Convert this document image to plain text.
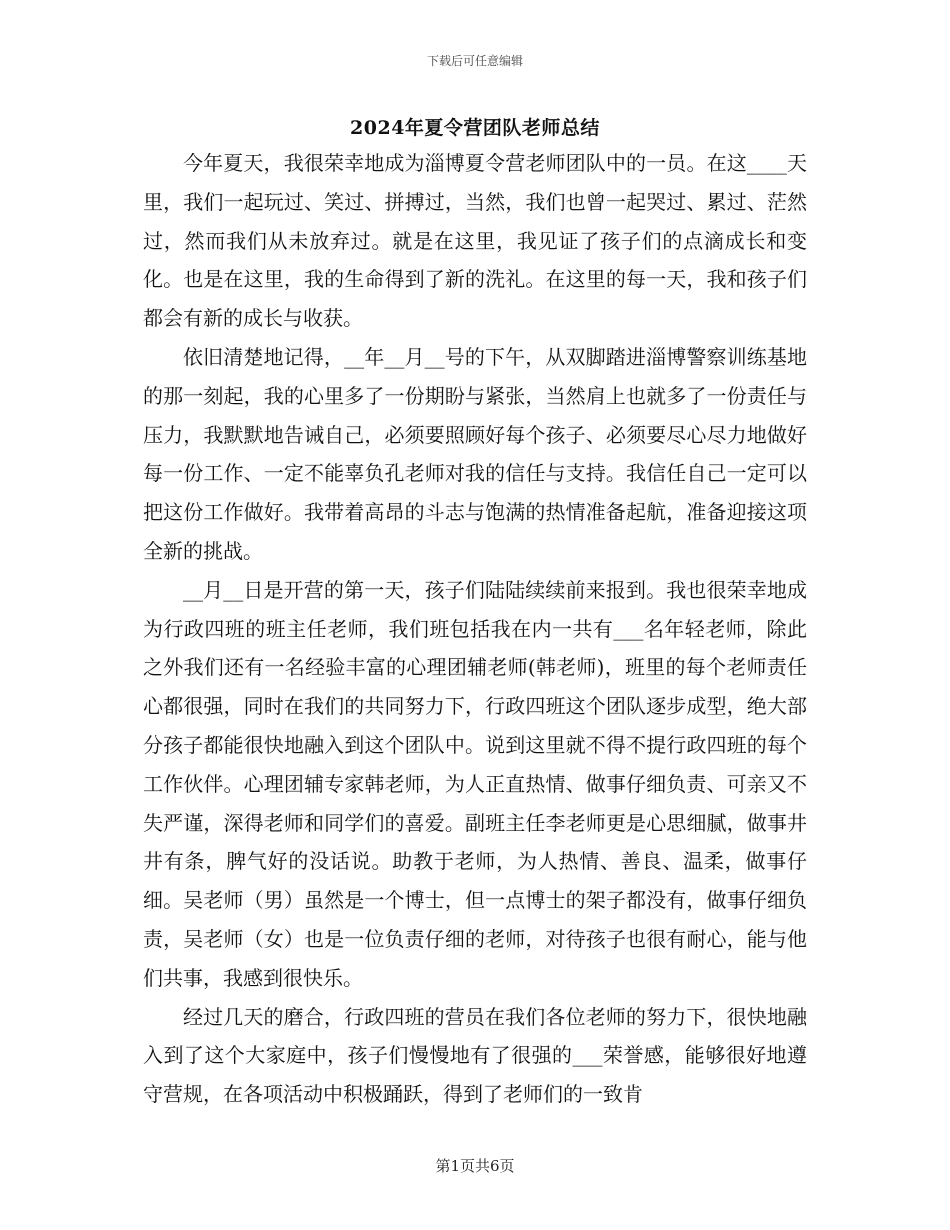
下载后可任意编辑
2024年夏令营团队老师总结

今年夏天，我很荣幸地成为淄博夏令营老师团队中的一员。在这____天里，我们一起玩过、笑过、拼搏过，当然，我们也曾一起哭过、累过、茫然过，然而我们从未放弃过。就是在这里，我见证了孩子们的点滴成长和变化。也是在这里，我的生命得到了新的洗礼。在这里的每一天，我和孩子们都会有新的成长与收获。

依旧清楚地记得，__年__月__号的下午，从双脚踏进淄博警察训练基地的那一刻起，我的心里多了一份期盼与紧张，当然肩上也就多了一份责任与压力，我默默地告诫自己，必须要照顾好每个孩子、必须要尽心尽力地做好每一份工作、一定不能辜负孔老师对我的信任与支持。我信任自己一定可以把这份工作做好。我带着高昂的斗志与饱满的热情准备起航，准备迎接这项全新的挑战。

__月__日是开营的第一天，孩子们陆陆续续前来报到。我也很荣幸地成为行政四班的班主任老师，我们班包括我在内一共有___名年轻老师，除此之外我们还有一名经验丰富的心理团辅老师(韩老师)，班里的每个老师责任心都很强，同时在我们的共同努力下，行政四班这个团队逐步成型，绝大部分孩子都能很快地融入到这个团队中。说到这里就不得不提行政四班的每个工作伙伴。心理团辅专家韩老师，为人正直热情、做事仔细负责、可亲又不失严谨，深得老师和同学们的喜爱。副班主任李老师更是心思细腻，做事井井有条，脾气好的没话说。助教于老师，为人热情、善良、温柔，做事仔细。吴老师（男）虽然是一个博士，但一点博士的架子都没有，做事仔细负责，吴老师（女）也是一位负责仔细的老师，对待孩子也很有耐心，能与他们共事，我感到很快乐。

经过几天的磨合，行政四班的营员在我们各位老师的努力下，很快地融入到了这个大家庭中，孩子们慢慢地有了很强的___荣誉感，能够很好地遵守营规，在各项活动中积极踊跃，得到了老师们的一致肯

第1页共6页
